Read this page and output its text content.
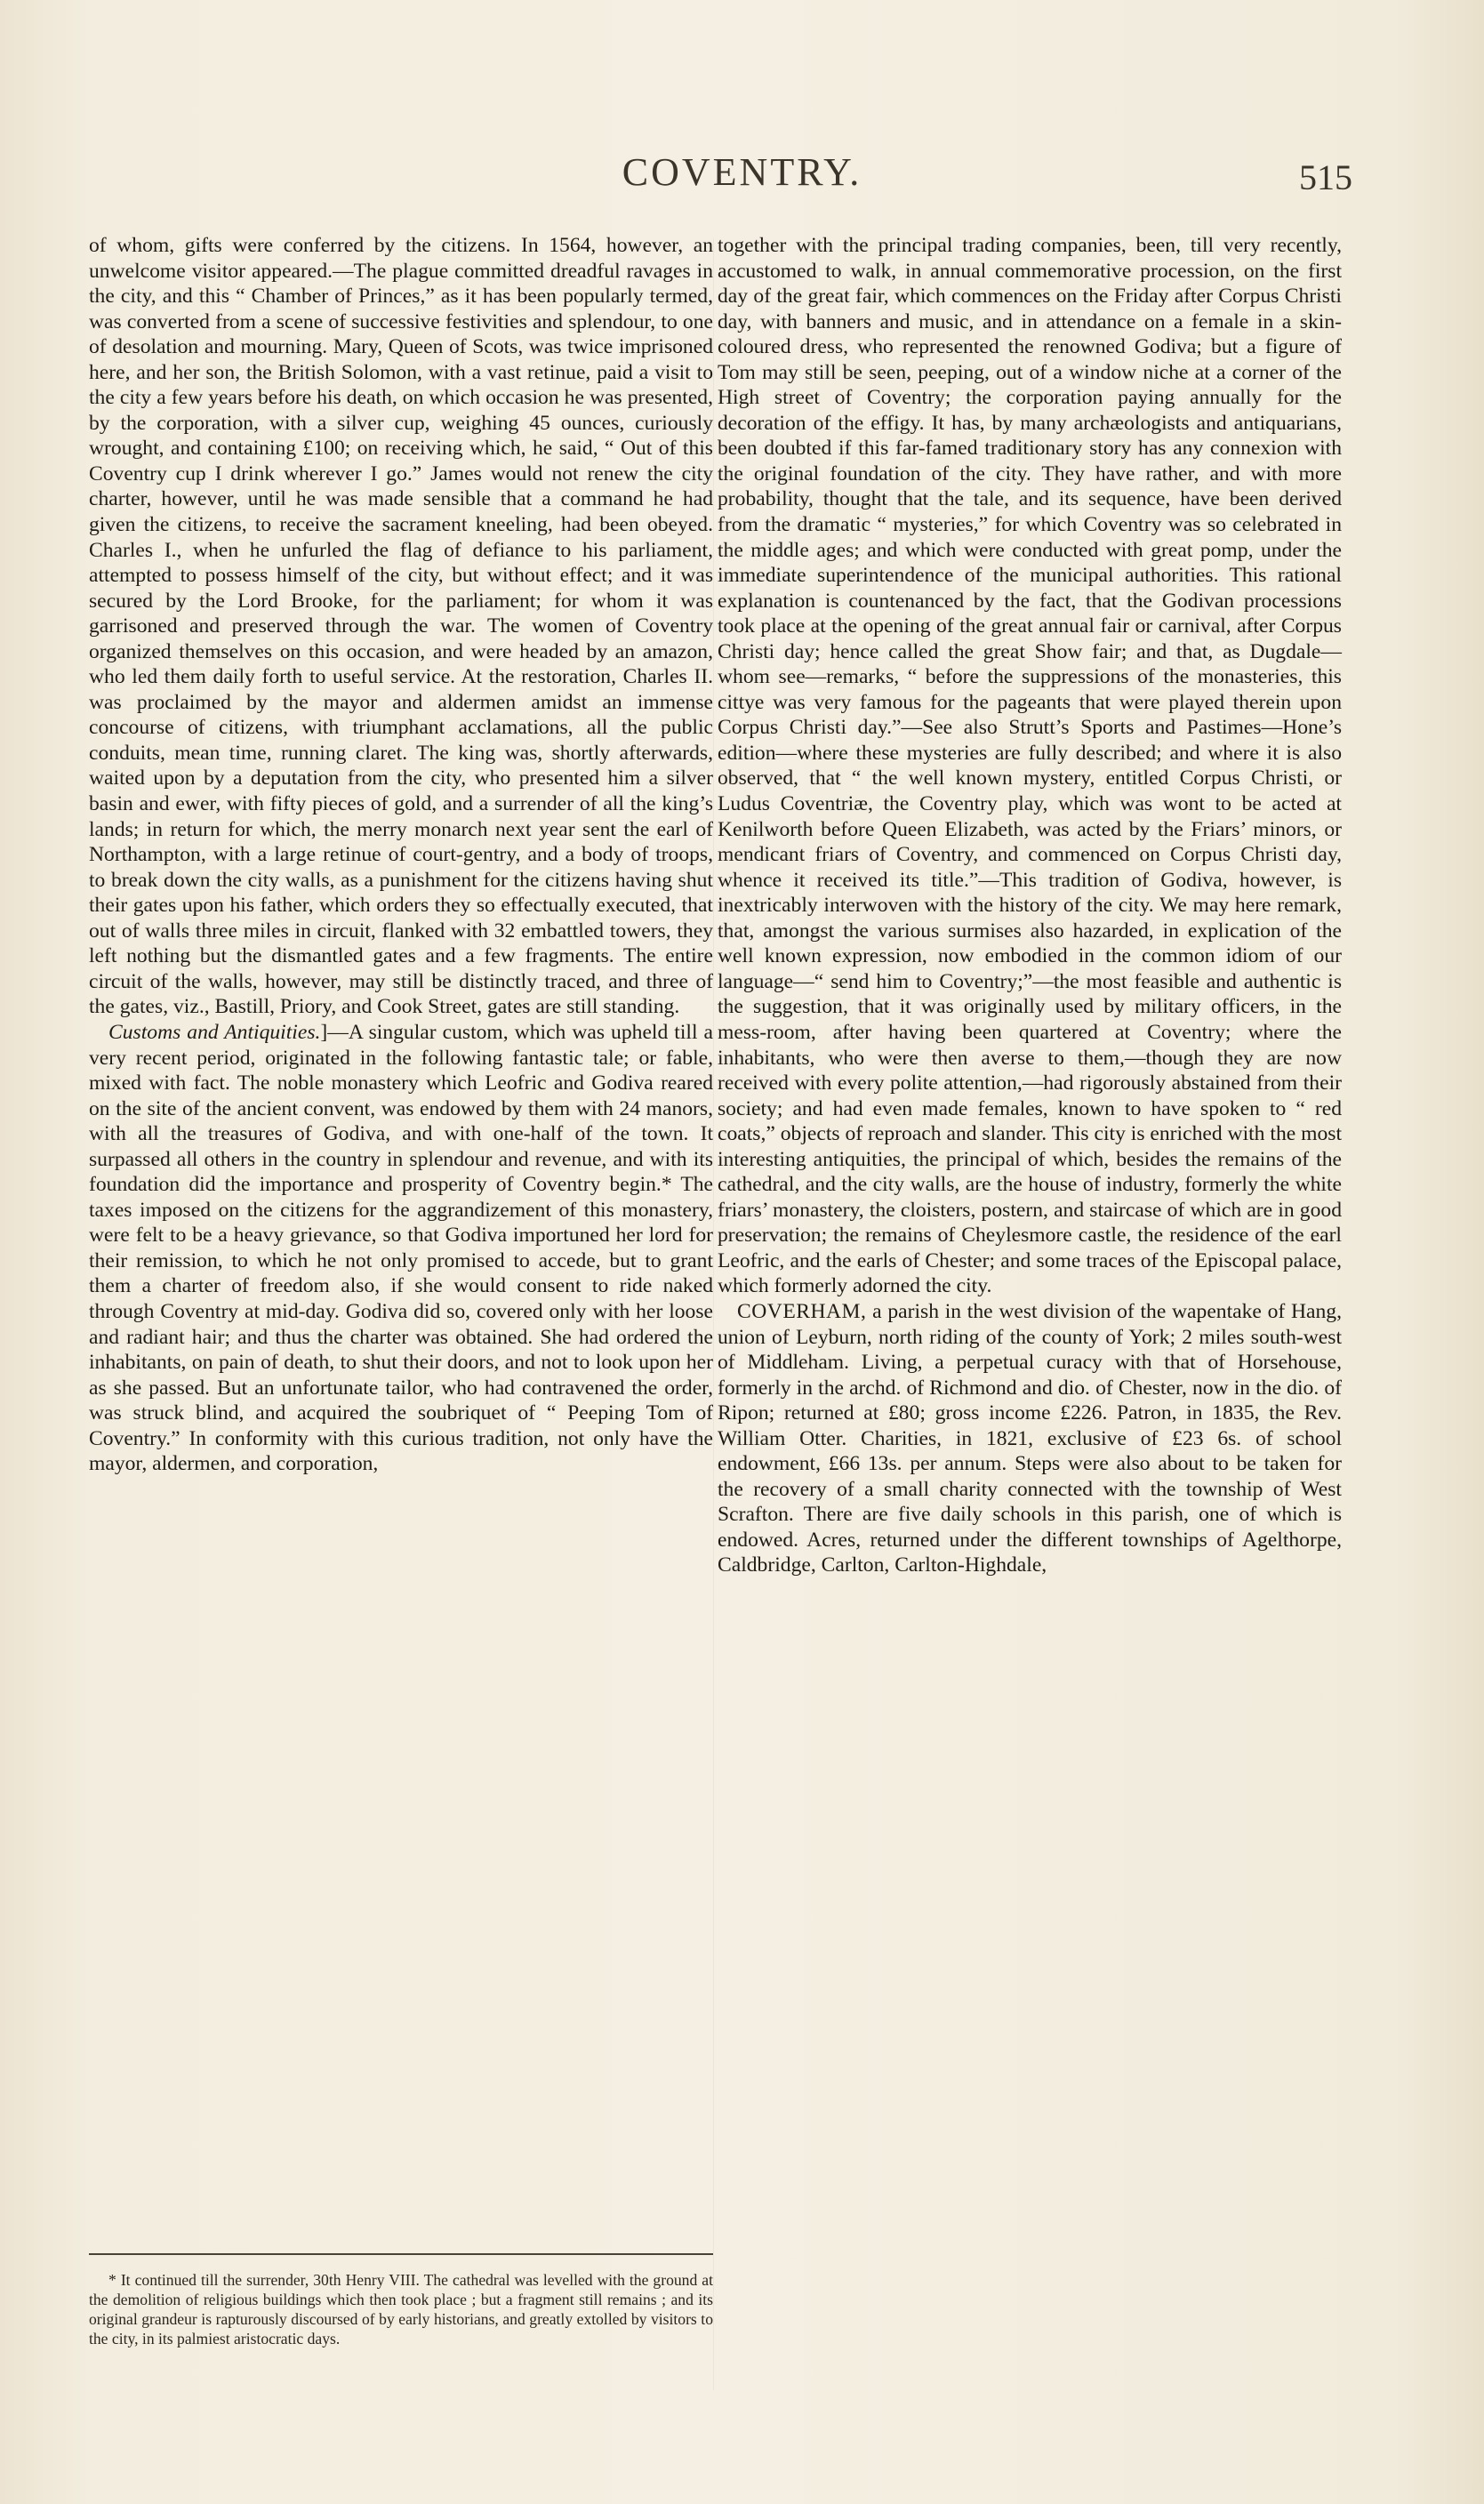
COVENTRY.	515

of whom, gifts were conferred by the citizens. In 1564, however, an unwelcome visitor appeared.—The plague committed dreadful ravages in the city, and this “ Chamber of Princes,” as it has been popularly termed, was converted from a scene of successive festivities and splendour, to one of desolation and mourning. Mary, Queen of Scots, was twice imprisoned here, and her son, the British Solomon, with a vast retinue, paid a visit to the city a few years before his death, on which occasion he was presented, by the corporation, with a silver cup, weighing 45 ounces, curiously wrought, and containing £100; on receiving which, he said, “ Out of this Coventry cup I drink wherever I go.” James would not renew the city charter, however, until he was made sensible that a command he had given the citizens, to receive the sacrament kneeling, had been obeyed. Charles I., when he unfurled the flag of defiance to his parliament, attempted to possess himself of the city, but without effect; and it was secured by the Lord Brooke, for the parliament; for whom it was garrisoned and preserved through the war. The women of Coventry organized themselves on this occasion, and were headed by an amazon, who led them daily forth to useful service. At the restoration, Charles II. was proclaimed by the mayor and aldermen amidst an immense concourse of citizens, with triumphant acclamations, all the public conduits, mean time, running claret. The king was, shortly afterwards, waited upon by a deputation from the city, who presented him a silver basin and ewer, with fifty pieces of gold, and a surrender of all the king’s lands; in return for which, the merry monarch next year sent the earl of Northampton, with a large retinue of court-gentry, and a body of troops, to break down the city walls, as a punishment for the citizens having shut their gates upon his father, which orders they so effectually executed, that out of walls three miles in circuit, flanked with 32 embattled towers, they left nothing but the dismantled gates and a few fragments. The entire circuit of the walls, however, may still be distinctly traced, and three of the gates, viz., Bastill, Priory, and Cook Street, gates are still standing.

Customs and Antiquities.]—A singular custom, which was upheld till a very recent period, originated in the following fantastic tale; or fable, mixed with fact. The noble monastery which Leofric and Godiva reared on the site of the ancient convent, was endowed by them with 24 manors, with all the treasures of Godiva, and with one-half of the town. It surpassed all others in the country in splendour and revenue, and with its foundation did the importance and prosperity of Coventry begin.* The taxes imposed on the citizens for the aggrandizement of this monastery, were felt to be a heavy grievance, so that Godiva importuned her lord for their remission, to which he not only promised to accede, but to grant them a charter of freedom also, if she would consent to ride naked through Coventry at mid-day. Godiva did so, covered only with her loose and radiant hair; and thus the charter was obtained. She had ordered the inhabitants, on pain of death, to shut their doors, and not to look upon her as she passed. But an unfortunate tailor, who had contravened the order, was struck blind, and acquired the soubriquet of “ Peeping Tom of Coventry.” In conformity with this curious tradition, not only have the mayor, aldermen, and corporation,

* It continued till the surrender, 30th Henry VIII. The cathedral was levelled with the ground at the demolition of religious buildings which then took place ; but a fragment still remains ; and its original grandeur is rapturously discoursed of by early historians, and greatly extolled by visitors to the city, in its palmiest aristocratic days.

together with the principal trading companies, been, till very recently, accustomed to walk, in annual commemorative procession, on the first day of the great fair, which commences on the Friday after Corpus Christi day, with banners and music, and in attendance on a female in a skin-coloured dress, who represented the renowned Godiva; but a figure of Tom may still be seen, peeping, out of a window niche at a corner of the High street of Coventry; the corporation paying annually for the decoration of the effigy. It has, by many archæologists and antiquarians, been doubted if this far-famed traditionary story has any connexion with the original foundation of the city. They have rather, and with more probability, thought that the tale, and its sequence, have been derived from the dramatic “ mysteries,” for which Coventry was so celebrated in the middle ages; and which were conducted with great pomp, under the immediate superintendence of the municipal authorities. This rational explanation is countenanced by the fact, that the Godivan processions took place at the opening of the great annual fair or carnival, after Corpus Christi day; hence called the great Show fair; and that, as Dugdale—whom see—remarks, “ before the suppressions of the monasteries, this cittye was very famous for the pageants that were played therein upon Corpus Christi day.”—See also Strutt’s Sports and Pastimes—Hone’s edition—where these mysteries are fully described; and where it is also observed, that “ the well known mystery, entitled Corpus Christi, or Ludus Coventriæ, the Coventry play, which was wont to be acted at Kenilworth before Queen Elizabeth, was acted by the Friars’ minors, or mendicant friars of Coventry, and commenced on Corpus Christi day, whence it received its title.”—This tradition of Godiva, however, is inextricably interwoven with the history of the city. We may here remark, that, amongst the various surmises also hazarded, in explication of the well known expression, now embodied in the common idiom of our language—“ send him to Coventry;”—the most feasible and authentic is the suggestion, that it was originally used by military officers, in the mess-room, after having been quartered at Coventry; where the inhabitants, who were then averse to them,—though they are now received with every polite attention,—had rigorously abstained from their society; and had even made females, known to have spoken to “ red coats,” objects of reproach and slander. This city is enriched with the most interesting antiquities, the principal of which, besides the remains of the cathedral, and the city walls, are the house of industry, formerly the white friars’ monastery, the cloisters, postern, and staircase of which are in good preservation; the remains of Cheylesmore castle, the residence of the earl Leofric, and the earls of Chester; and some traces of the Episcopal palace, which formerly adorned the city.

COVERHAM, a parish in the west division of the wapentake of Hang, union of Leyburn, north riding of the county of York; 2 miles south-west of Middleham. Living, a perpetual curacy with that of Horsehouse, formerly in the archd. of Richmond and dio. of Chester, now in the dio. of Ripon; returned at £80; gross income £226. Patron, in 1835, the Rev. William Otter. Charities, in 1821, exclusive of £23 6s. of school endowment, £66 13s. per annum. Steps were also about to be taken for the recovery of a small charity connected with the township of West Scrafton. There are five daily schools in this parish, one of which is endowed. Acres, returned under the different townships of Agelthorpe, Caldbridge, Carlton, Carlton-Highdale,
